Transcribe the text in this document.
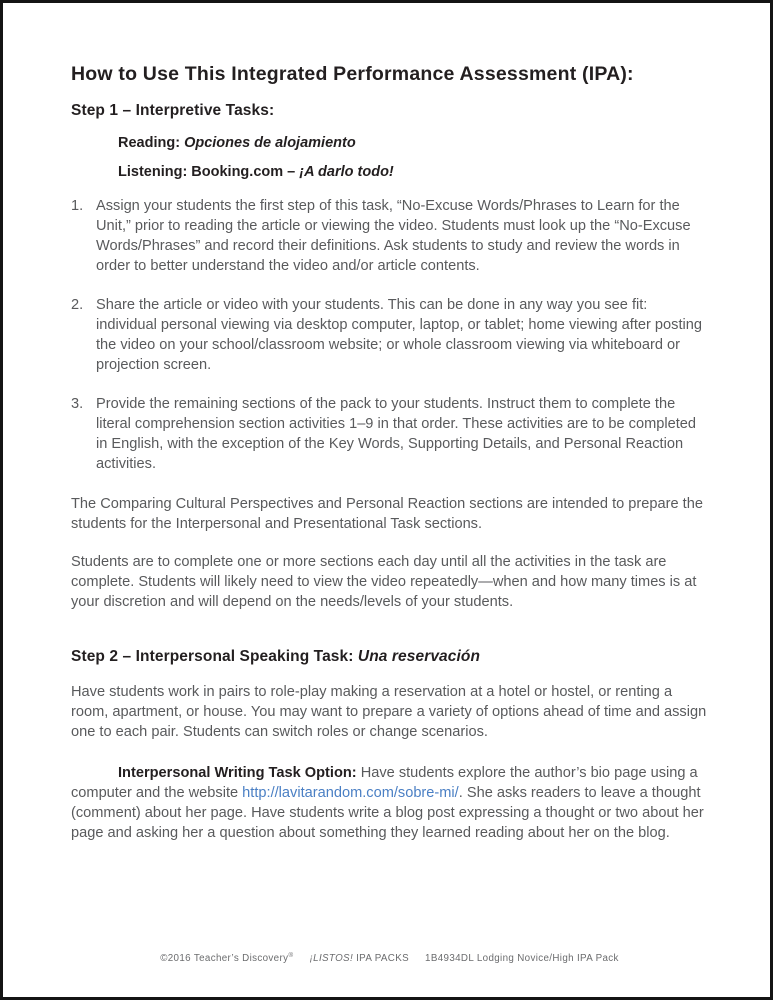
How to Use This Integrated Performance Assessment (IPA):
Step 1 – Interpretive Tasks:

Reading: Opciones de alojamiento

Listening: Booking.com – ¡A darlo todo!

1. Assign your students the first step of this task, “No-Excuse Words/Phrases to Learn for the Unit,” prior to reading the article or viewing the video. Students must look up the “No-Excuse Words/Phrases” and record their definitions. Ask students to study and review the words in order to better understand the video and/or article contents.
2. Share the article or video with your students. This can be done in any way you see fit: individual personal viewing via desktop computer, laptop, or tablet; home viewing after posting the video on your school/classroom website; or whole classroom viewing via whiteboard or projection screen.
3. Provide the remaining sections of the pack to your students. Instruct them to complete the literal comprehension section activities 1–9 in that order. These activities are to be completed in English, with the exception of the Key Words, Supporting Details, and Personal Reaction activities.

The Comparing Cultural Perspectives and Personal Reaction sections are intended to prepare the students for the Interpersonal and Presentational Task sections.

Students are to complete one or more sections each day until all the activities in the task are complete. Students will likely need to view the video repeatedly—when and how many times is at your discretion and will depend on the needs/levels of your students.

Step 2 – Interpersonal Speaking Task: Una reservación

Have students work in pairs to role-play making a reservation at a hotel or hostel, or renting a room, apartment, or house. You may want to prepare a variety of options ahead of time and assign one to each pair. Students can switch roles or change scenarios.

Interpersonal Writing Task Option: Have students explore the author’s bio page using a computer and the website http://lavitarandom.com/sobre-mi/. She asks readers to leave a thought (comment) about her page. Have students write a blog post expressing a thought or two about her page and asking her a question about something they learned reading about her on the blog.

©2016 Teacher’s Discovery® ¡LISTOS! IPA PACKS 1B4934DL Lodging Novice/High IPA Pack
